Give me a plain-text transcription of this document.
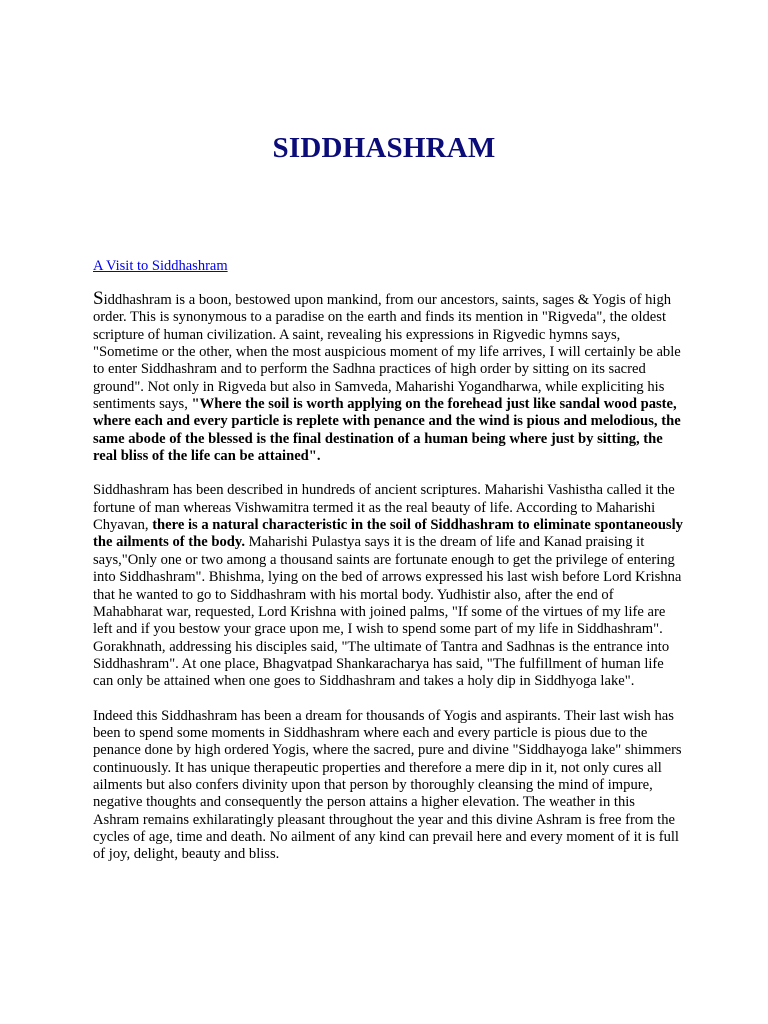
SIDDHASHRAM
A Visit to Siddhashram

Siddhashram is a boon, bestowed upon mankind, from our ancestors, saints, sages & Yogis of high order. This is synonymous to a paradise on the earth and finds its mention in "Rigveda", the oldest scripture of human civilization. A saint, revealing his expressions in Rigvedic hymns says, "Sometime or the other, when the most auspicious moment of my life arrives, I will certainly be able to enter Siddhashram and to perform the Sadhna practices of high order by sitting on its sacred ground". Not only in Rigveda but also in Samveda, Maharishi Yogandharwa, while expliciting his sentiments says, "Where the soil is worth applying on the forehead just like sandal wood paste, where each and every particle is replete with penance and the wind is pious and melodious, the same abode of the blessed is the final destination of a human being where just by sitting, the real bliss of the life can be attained".

Siddhashram has been described in hundreds of ancient scriptures. Maharishi Vashistha called it the fortune of man whereas Vishwamitra termed it as the real beauty of life. According to Maharishi Chyavan, there is a natural characteristic in the soil of Siddhashram to eliminate spontaneously the ailments of the body. Maharishi Pulastya says it is the dream of life and Kanad praising it says,"Only one or two among a thousand saints are fortunate enough to get the privilege of entering into Siddhashram". Bhishma, lying on the bed of arrows expressed his last wish before Lord Krishna that he wanted to go to Siddhashram with his mortal body. Yudhistir also, after the end of Mahabharat war, requested, Lord Krishna with joined palms, "If some of the virtues of my life are left and if you bestow your grace upon me, I wish to spend some part of my life in Siddhashram". Gorakhnath, addressing his disciples said, "The ultimate of Tantra and Sadhnas is the entrance into Siddhashram". At one place, Bhagvatpad Shankaracharya has said, "The fulfillment of human life can only be attained when one goes to Siddhashram and takes a holy dip in Siddhyoga lake".

Indeed this Siddhashram has been a dream for thousands of Yogis and aspirants. Their last wish has been to spend some moments in Siddhashram where each and every particle is pious due to the penance done by high ordered Yogis, where the sacred, pure and divine "Siddhayoga lake" shimmers continuously. It has unique therapeutic properties and therefore a mere dip in it, not only cures all ailments but also confers divinity upon that person by thoroughly cleansing the mind of impure, negative thoughts and consequently the person attains a higher elevation. The weather in this Ashram remains exhilaratingly pleasant throughout the year and this divine Ashram is free from the cycles of age, time and death. No ailment of any kind can prevail here and every moment of it is full of joy, delight, beauty and bliss.
